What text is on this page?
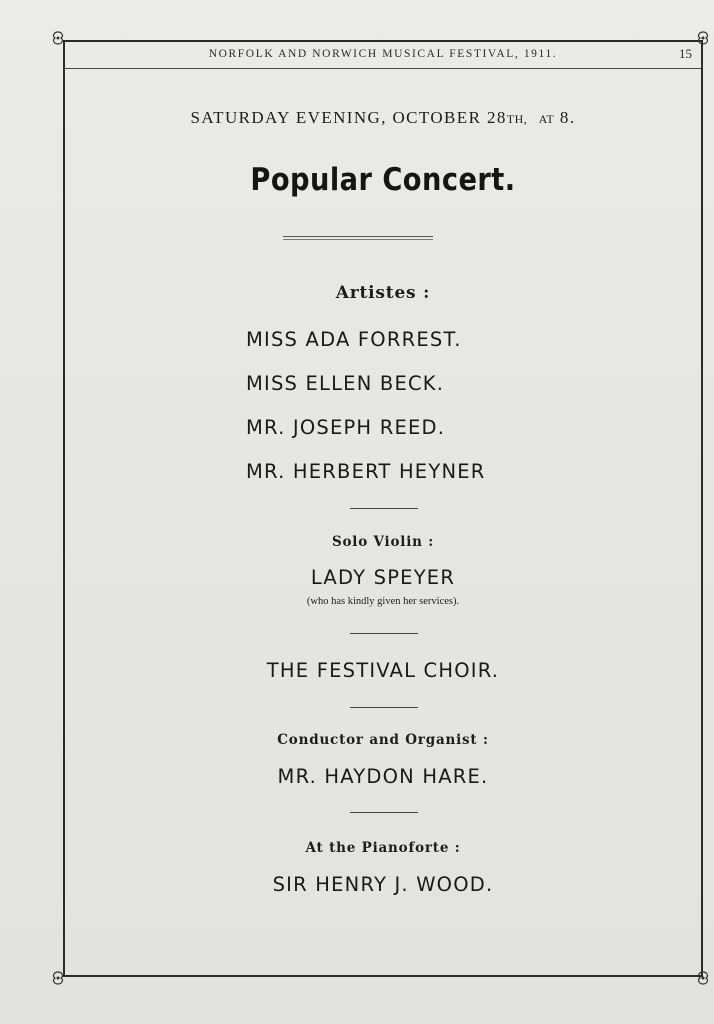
NORFOLK AND NORWICH MUSICAL FESTIVAL, 1911.	15
SATURDAY EVENING, OCTOBER 28TH, AT 8.
Popular Concert.
Artistes :
MISS ADA FORREST.
MISS ELLEN BECK.
MR. JOSEPH REED.
MR. HERBERT HEYNER
Solo Violin :
LADY SPEYER
(who has kindly given her services).
THE FESTIVAL CHOIR.
Conductor and Organist :
MR. HAYDON HARE.
At the Pianoforte :
SIR HENRY J. WOOD.
